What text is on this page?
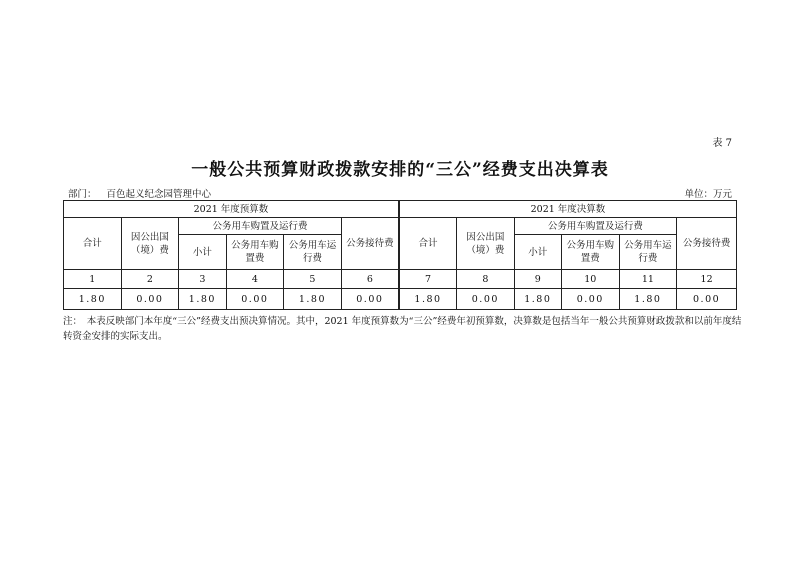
表 7
一般公共预算财政拨款安排的“三公”经费支出决算表
部门： 百色起义纪念园管理中心	单位：万元
2021 年度预算数						2021 年度决算数					
合计	因公出国（境）费	公务用车购置及运行费			公务接待费	合计	因公出国（境）费	公务用车购置及运行费			公务接待费
		小计	公务用车购置费	公务用车运行费				小计	公务用车购置费	公务用车运行费	
1	2	3	4	5	6	7	8	9	10	11	12
1.80	0.00	1.80	0.00	1.80	0.00	1.80	0.00	1.80	0.00	1.80	0.00
注：　本表反映部门本年度“三公”经费支出预决算情况。其中，2021 年度预算数为“三公”经费年初预算数，决算数是包括当年一般公共预算财政拨款和以前年度结转资金安排的实际支出。
